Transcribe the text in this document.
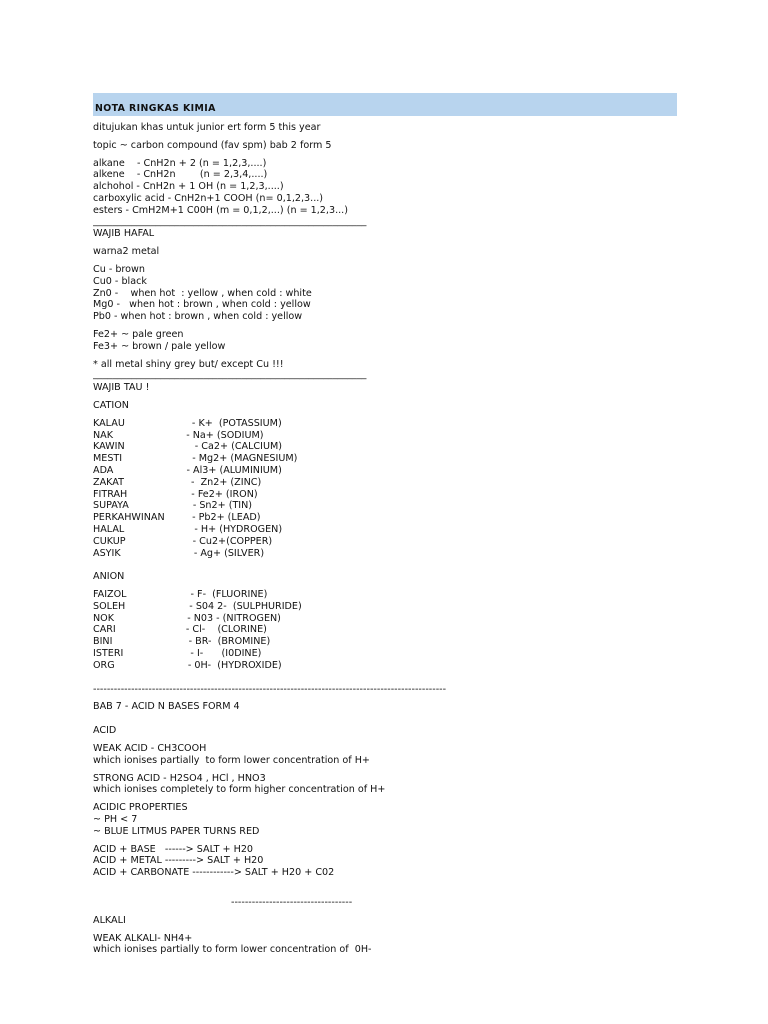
NOTA RINGKAS KIMIA
ditujukan khas untuk junior ert form 5 this year
topic ~ carbon compound (fav spm) bab 2 form 5
alkane    - CnH2n + 2 (n = 1,2,3,....)
alkene    - CnH2n        (n = 2,3,4,....)
alchohol - CnH2n + 1 OH (n = 1,2,3,....)
carboxylic acid - CnH2n+1 COOH (n= 0,1,2,3...)
esters - CmH2M+1 C00H (m = 0,1,2,...) (n = 1,2,3...)
_________________________________________________________
WAJIB HAFAL
warna2 metal
Cu - brown
Cu0 - black
Zn0 -    when hot  : yellow , when cold : white
Mg0 -   when hot : brown , when cold : yellow
Pb0 - when hot : brown , when cold : yellow
Fe2+ ~ pale green
Fe3+ ~ brown / pale yellow
* all metal shiny grey but/ except Cu !!!
_________________________________________________________
WAJIB TAU !
CATION
KALAU                      - K+  (POTASSIUM)
NAK                        - Na+ (SODIUM)
KAWIN                       - Ca2+ (CALCIUM)
MESTI                       - Mg2+ (MAGNESIUM)
ADA                        - Al3+ (ALUMINIUM)
ZAKAT                      -  Zn2+ (ZINC)
FITRAH                     - Fe2+ (IRON)
SUPAYA                     - Sn2+ (TIN)
PERKAHWINAN         - Pb2+ (LEAD)
HALAL                       - H+ (HYDROGEN)
CUKUP                      - Cu2+(COPPER)
ASYIK                        - Ag+ (SILVER)
ANION
FAIZOL                     - F-  (FLUORINE)
SOLEH                     - S04 2-  (SULPHURIDE)
NOK                        - N03 - (NITROGEN)
CARI                       - Cl-    (CLORINE)
BINI                         - BR-  (BROMINE)
ISTERI                      - I-      (I0DINE)
ORG                        - 0H-  (HYDROXIDE)
------------------------------------------------------------------------------------------------------
BAB 7 - ACID N BASES FORM 4
ACID
WEAK ACID - CH3COOH
which ionises partially  to form lower concentration of H+
STRONG ACID - H2SO4 , HCl , HNO3
which ionises completely to form higher concentration of H+
ACIDIC PROPERTIES
~ PH < 7
~ BLUE LITMUS PAPER TURNS RED
ACID + BASE   ------> SALT + H20
ACID + METAL ---------> SALT + H20
ACID + CARBONATE ------------> SALT + H20 + C02
-----------------------------------
ALKALI
WEAK ALKALI- NH4+
which ionises partially to form lower concentration of  0H-
